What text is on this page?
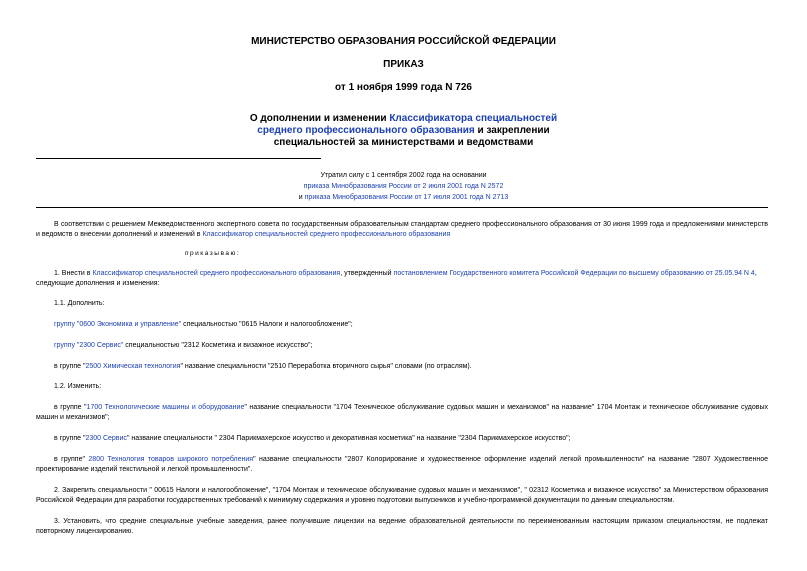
МИНИСТЕРСТВО ОБРАЗОВАНИЯ РОССИЙСКОЙ ФЕДЕРАЦИИ
ПРИКАЗ
от 1 ноября 1999 года N 726
О дополнении и изменении Классификатора специальностей
среднего профессионального образования и закреплении
специальностей за министерствами и ведомствами
Утратил силу с 1 сентября 2002 года на основании
приказа Минобразования России от 2 июля 2001 года N 2572
и приказа Минобразования России от 17 июля 2001 года N 2713
В соответствии с решением Межведомственного экспертного совета по государственным образовательным стандартам среднего профессионального образования от 30 июня 1999 года и предложениями министерств и ведомств о внесении дополнений и изменений в Классификатор специальностей среднего профессионального образования
приказываю:
1. Внести в Классификатор специальностей среднего профессионального образования, утвержденный постановлением Государственного комитета Российской Федерации по высшему образованию от 25.05.94 N 4, следующие дополнения и изменения:
1.1. Дополнить:
группу "0600 Экономика и управление" специальностью "0615 Налоги и налогообложение";
группу "2300 Сервис" специальностью "2312 Косметика и визажное искусство";
в группе "2500 Химическая технология" название специальности "2510 Переработка вторичного сырья" словами (по отраслям).
1.2. Изменить:
в группе "1700 Технологические машины и оборудование" название специальности "1704 Техническое обслуживание судовых машин и механизмов" на название" 1704 Монтаж и техническое обслуживание судовых машин и механизмов";
в группе "2300 Сервис" название специальности " 2304 Парикмахерское искусство и декоративная косметика" на название "2304 Парикмахерское искусство";
в группе" 2800 Технология товаров широкого потребления" название специальности "2807 Колорирование и художественное оформление изделий легкой промышленности" на название "2807 Художественное проектирование изделий текстильной и легкой промышленности".
2. Закрепить специальности " 00615 Налоги и налогообложение", "1704 Монтаж и техническое обслуживание судовых машин и механизмов", " 02312 Косметика и визажное искусство" за Министерством образования Российской Федерации для разработки государственных требований к минимуму содержания и уровню подготовки выпускников и учебно-программной документации по данным специальностям.
3. Установить, что средние специальные учебные заведения, ранее получившие лицензии на ведение образовательной деятельности по переименованным настоящим приказом специальностям, не подлежат повторному лицензированию.
